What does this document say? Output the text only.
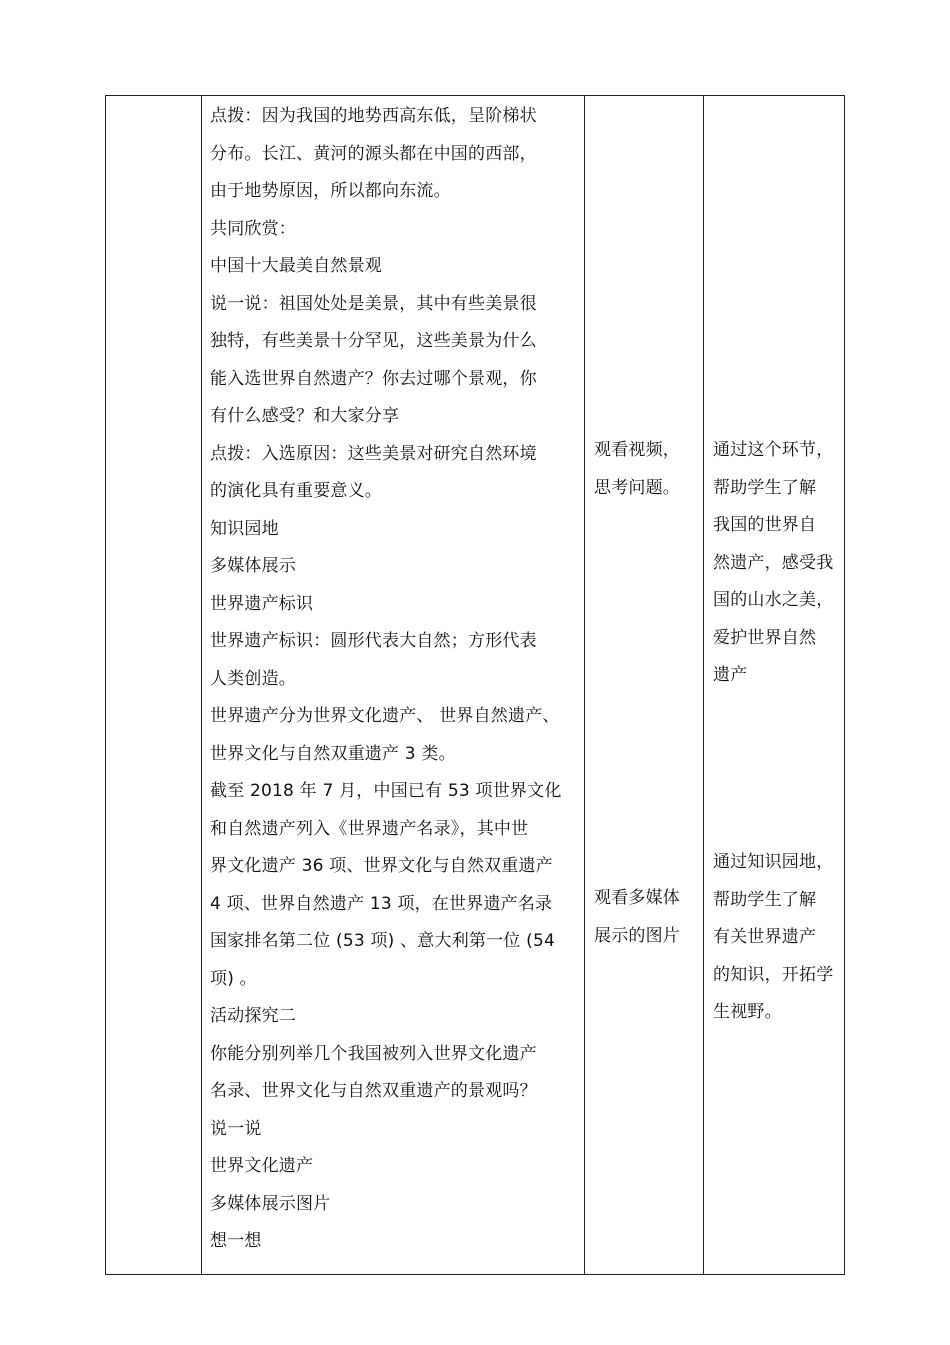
点拨：因为我国的地势西高东低，呈阶梯状
分布。长江、黄河的源头都在中国的西部，
由于地势原因，所以都向东流。
共同欣赏：
中国十大最美自然景观
说一说：祖国处处是美景，其中有些美景很
独特，有些美景十分罕见，这些美景为什么
能入选世界自然遗产？你去过哪个景观，你
有什么感受？和大家分享
点拨：入选原因：这些美景对研究自然环境
的演化具有重要意义。
知识园地
多媒体展示
世界遗产标识
世界遗产标识：圆形代表大自然；方形代表
人类创造。
世界遗产分为世界文化遗产、 世界自然遗产、
世界文化与自然双重遗产 3 类。
截至 2018 年 7 月，中国已有 53 项世界文化
和自然遗产列入《世界遗产名录》，其中世
界文化遗产 36 项、世界文化与自然双重遗产
4 项、世界自然遗产 13 项，在世界遗产名录
国家排名第二位 (53 项) 、意大利第一位 (54
项) 。
活动探究二
你能分别列举几个我国被列入世界文化遗产
名录、世界文化与自然双重遗产的景观吗？
说一说
世界文化遗产
多媒体展示图片
想一想
观看视频，
思考问题。
观看多媒体
展示的图片
通过这个环节，
帮助学生了解
我国的世界自
然遗产，感受我
国的山水之美，
爱护世界自然
遗产
通过知识园地，
帮助学生了解
有关世界遗产
的知识，开拓学
生视野。
